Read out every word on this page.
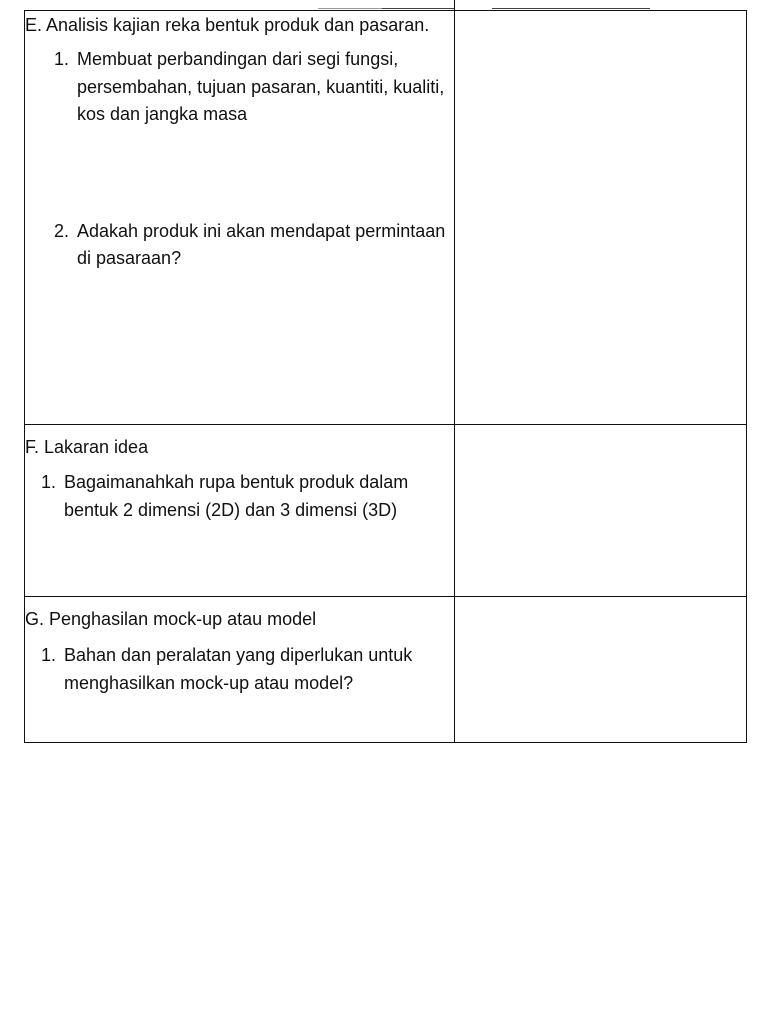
E. Analisis kajian reka bentuk produk dan pasaran.

1. Membuat perbandingan dari segi fungsi, persembahan, tujuan pasaran, kuantiti, kualiti, kos dan jangka masa
2. Adakah produk ini akan mendapat permintaan di pasaraan?	

F. Lakaran idea

1. Bagaimanahkah rupa bentuk produk dalam bentuk 2 dimensi (2D) dan 3 dimensi (3D)	

G. Penghasilan mock-up atau model

1. Bahan dan peralatan yang diperlukan untuk menghasilkan mock-up atau model?	
